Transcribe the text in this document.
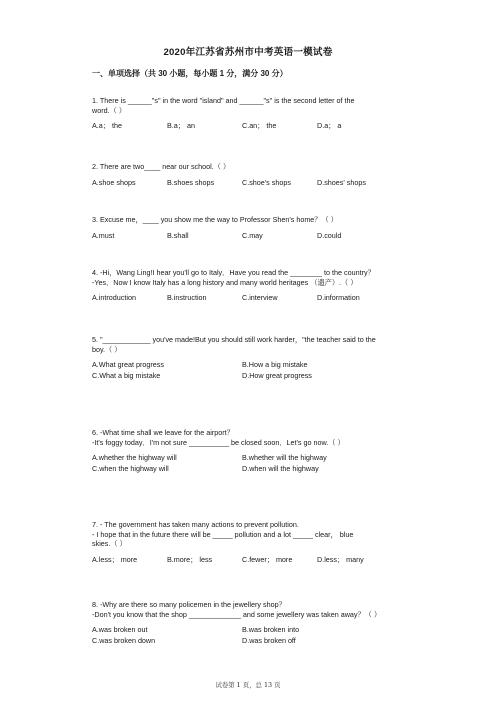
2020年江苏省苏州市中考英语一模试卷
一、单项选择（共 30 小题，每小题 1 分，满分 30 分）
1. There is ______"s" in the word "island" and ______"s" is the second letter of the
word.（ ）
A.a； the	B.a； an	C.an； the	D.a； a
2. There are two____ near our school.（ ）
A.shoe shops	B.shoes shops	C.shoe's shops	D.shoes' shops
3. Excuse me，____ you show me the way to Professor Shen's home？（ ）
A.must	B.shall	C.may	D.could
4. -Hi，Wang Ling!I hear you'll go to Italy．Have you read the ________ to the country？
-Yes．Now I know Italy has a long history and many world heritages （遗产）.（ ）
A.introduction	B.instruction	C.interview	D.information
5. "____________ you've made!But you should still work harder，"the teacher said to the
boy.（ ）
A.What great progress	B.How a big mistake
C.What a big mistake	D.How great progress
6. -What time shall we leave for the airport？
-It's foggy today．I'm not sure __________ be closed soon．Let's go now.（ ）
A.whether the highway will	B.whether will the highway
C.when the highway will	D.when will the highway
7. - The government has taken many actions to prevent pollution.
- I hope that in the future there will be _____ pollution and a lot _____ clear， blue
skies.（ ）
A.less； more	B.more； less	C.fewer； more	D.less； many
8. -Why are there so many policemen in the jewellery shop？
-Don't you know that the shop _____________ and some jewellery was taken away？（ ）
A.was broken out	B.was broken into
C.was broken down	D.was broken off
试卷第 1 页，总 13 页
